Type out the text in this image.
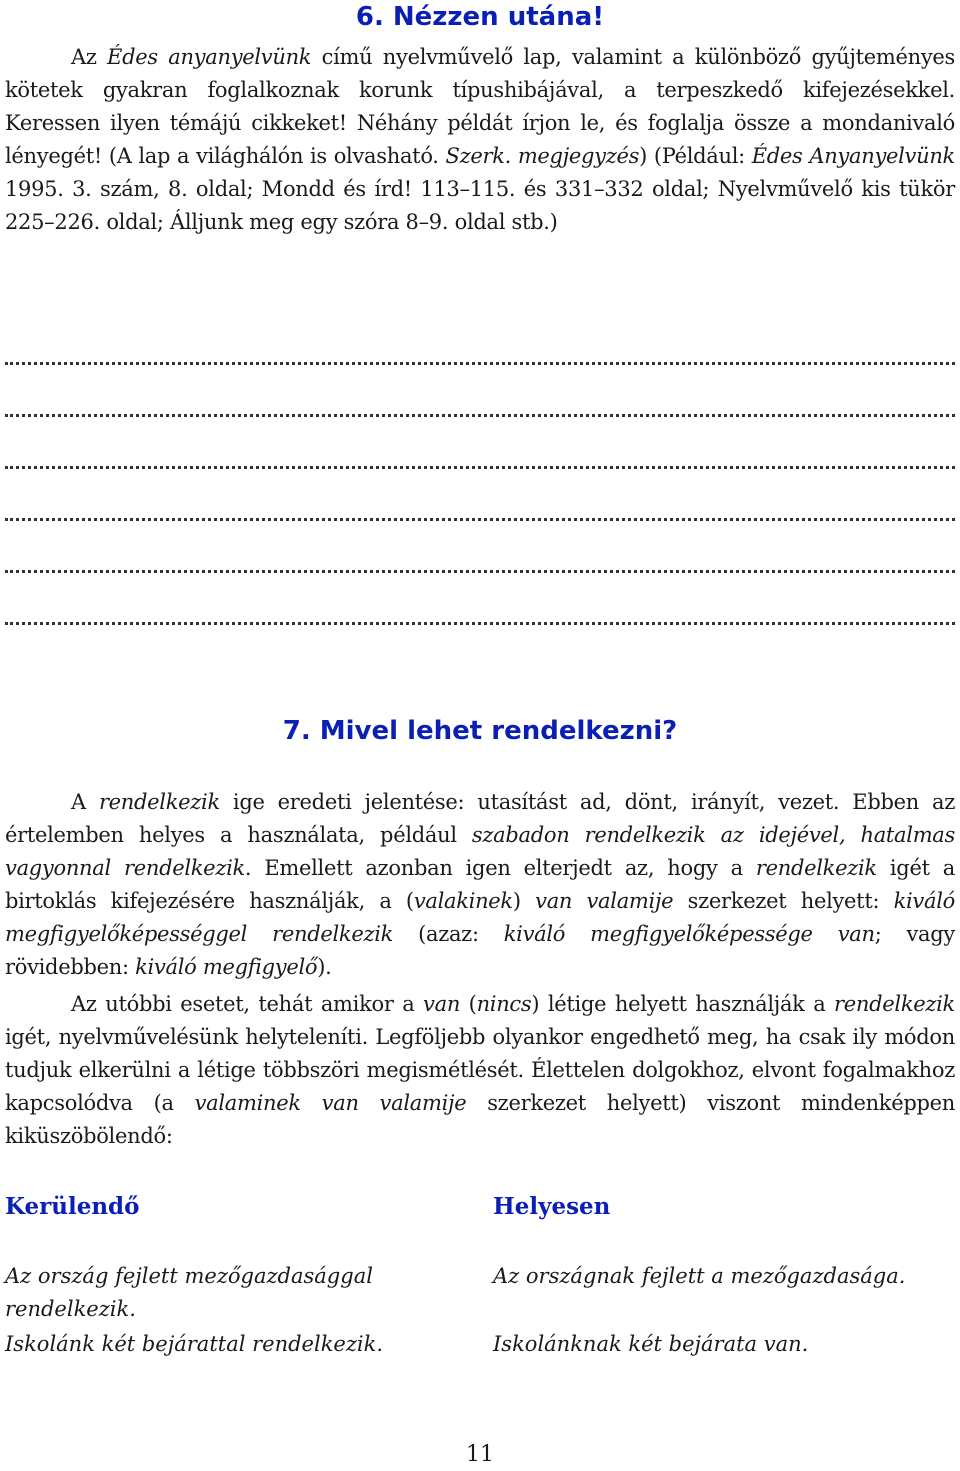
6. Nézzen utána!

Az Édes anyanyelvünk című nyelvművelő lap, valamint a különböző gyűjteményes kötetek gyakran foglalkoznak korunk típushibájával, a terpeszkedő kifejezésekkel. Keressen ilyen témájú cikkeket! Néhány példát írjon le, és foglalja össze a mondanivaló lényegét! (A lap a világhálón is olvasható. Szerk. megjegyzés) (Például: Édes Anyanyelvünk 1995. 3. szám, 8. oldal; Mondd és írd! 113–115. és 331–332 oldal; Nyelvművelő kis tükör 225–226. oldal; Álljunk meg egy szóra 8–9. oldal stb.)

7. Mivel lehet rendelkezni?

A rendelkezik ige eredeti jelentése: utasítást ad, dönt, irányít, vezet. Ebben az értelemben helyes a használata, például szabadon rendelkezik az idejével, hatalmas vagyonnal rendelkezik. Emellett azonban igen elterjedt az, hogy a rendelkezik igét a birtoklás kifejezésére használják, a (valakinek) van valamije szerkezet helyett: kiváló megfigyelőképességgel rendelkezik (azaz: kiváló megfigyelőképessége van; vagy rövidebben: kiváló megfigyelő).

Az utóbbi esetet, tehát amikor a van (nincs) létige helyett használják a rendelkezik igét, nyelvművelésünk helyteleníti. Legföljebb olyankor engedhető meg, ha csak ily módon tudjuk elkerülni a létige többszöri megismétlését. Élettelen dolgokhoz, elvont fogalmakhoz kapcsolódva (a valaminek van valamije szerkezet helyett) viszont mindenképpen kiküszöbölendő:

Kerülendő	Helyesen

Az ország fejlett mezőgazdasággal rendelkezik.

Iskolánk két bejárattal rendelkezik.

Az országnak fejlett a mezőgazdasága.

Iskolánknak két bejárata van.

11
